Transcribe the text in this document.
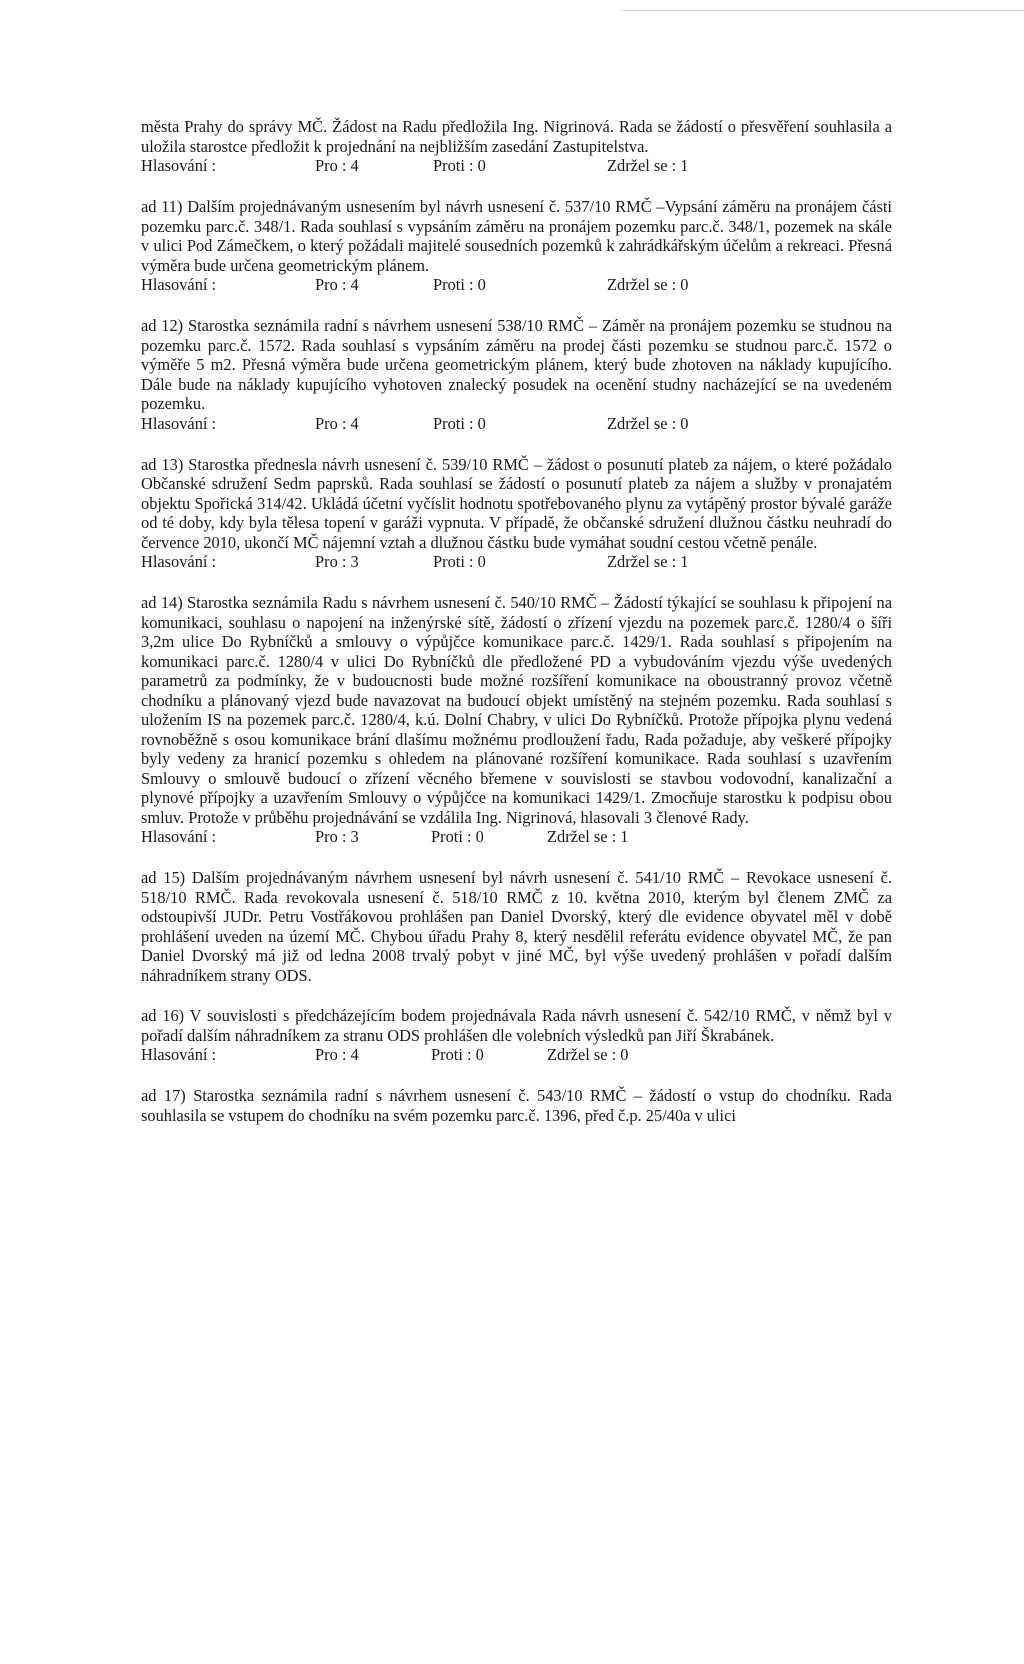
města Prahy do správy MČ. Žádost na Radu předložila Ing. Nigrinová. Rada se žádostí o přesvěření souhlasila a uložila starostce předložit k projednání na nejbližším zasedání Zastupitelstva.

Hlasování :	Pro : 4	Proti : 0	Zdržel se : 1

ad 11) Dalším projednávaným usnesením byl návrh usnesení č. 537/10 RMČ –Vypsání záměru na pronájem části pozemku parc.č. 348/1. Rada souhlasí s vypsáním záměru na pronájem pozemku parc.č. 348/1, pozemek na skále v ulici Pod Zámečkem, o který požádali majitelé sousedních pozemků k zahrádkářským účelům a rekreaci. Přesná výměra bude určena geometrickým plánem.

Hlasování :	Pro : 4	Proti : 0	Zdržel se : 0

ad 12) Starostka seznámila radní s návrhem usnesení 538/10 RMČ – Záměr na pronájem pozemku se studnou na pozemku parc.č. 1572. Rada souhlasí s vypsáním záměru na prodej části pozemku se studnou parc.č. 1572 o výměře 5 m2. Přesná výměra bude určena geometrickým plánem, který bude zhotoven na náklady kupujícího. Dále bude na náklady kupujícího vyhotoven znalecký posudek na ocenění studny nacházející se na uvedeném pozemku.

Hlasování :	Pro : 4	Proti : 0	Zdržel se : 0

ad 13) Starostka přednesla návrh usnesení č. 539/10 RMČ – žádost o posunutí plateb za nájem, o které požádalo Občanské sdružení Sedm paprsků. Rada souhlasí se žádostí o posunutí plateb za nájem a služby v pronajatém objektu Spořická 314/42. Ukládá účetní vyčíslit hodnotu spotřebovaného plynu za vytápěný prostor bývalé garáže od té doby, kdy byla tělesa topení v garáži vypnuta. V případě, že občanské sdružení dlužnou částku neuhradí do července 2010, ukončí MČ nájemní vztah a dlužnou částku bude vymáhat soudní cestou včetně penále.

Hlasování :	Pro : 3	Proti : 0	Zdržel se : 1

ad 14) Starostka seznámila Radu s návrhem usnesení č. 540/10 RMČ – Žádostí týkající se souhlasu k připojení na komunikaci, souhlasu o napojení na inženýrské sítě, žádostí o zřízení vjezdu na pozemek parc.č. 1280/4 o šíři 3,2m ulice Do Rybníčků a smlouvy o výpůjčce komunikace parc.č. 1429/1. Rada souhlasí s připojením na komunikaci parc.č. 1280/4 v ulici Do Rybníčků dle předložené PD a vybudováním vjezdu výše uvedených parametrů za podmínky, že v budoucnosti bude možné rozšíření komunikace na oboustranný provoz včetně chodníku a plánovaný vjezd bude navazovat na budoucí objekt umístěný na stejném pozemku. Rada souhlasí s uložením IS na pozemek parc.č. 1280/4, k.ú. Dolní Chabry, v ulici Do Rybníčků. Protože přípojka plynu vedená rovnoběžně s osou komunikace brání dlašímu možnému prodloužení řadu, Rada požaduje, aby veškeré přípojky byly vedeny za hranicí pozemku s ohledem na plánované rozšíření komunikace. Rada souhlasí s uzavřením Smlouvy o smlouvě budoucí o zřízení věcného břemene v souvislosti se stavbou vodovodní, kanalizační a plynové přípojky a uzavřením Smlouvy o výpůjčce na komunikaci 1429/1. Zmocňuje starostku k podpisu obou smluv. Protože v průběhu projednávání se vzdálila Ing. Nigrinová, hlasovali 3 členové Rady.

Hlasování :	Pro : 3	Proti : 0	Zdržel se : 1

ad 15) Dalším projednávaným návrhem usnesení byl návrh usnesení č. 541/10 RMČ – Revokace usnesení č. 518/10 RMČ. Rada revokovala usnesení č. 518/10 RMČ z 10. května 2010, kterým byl členem ZMČ za odstoupivší JUDr. Petru Vostřákovou prohlášen pan Daniel Dvorský, který dle evidence obyvatel měl v době prohlášení uveden na území MČ. Chybou úřadu Prahy 8, který nesdělil referátu evidence obyvatel MČ, že pan Daniel Dvorský má již od ledna 2008 trvalý pobyt v jiné MČ, byl výše uvedený prohlášen v pořadí dalším náhradníkem strany ODS.

ad 16) V souvislosti s předcházejícím bodem projednávala Rada návrh usnesení č. 542/10 RMČ, v němž byl v pořadí dalším náhradníkem za stranu ODS prohlášen dle volebních výsledků pan Jiří Škrabánek.

Hlasování :	Pro : 4	Proti : 0	Zdržel se : 0

ad 17) Starostka seznámila radní s návrhem usnesení č. 543/10 RMČ – žádostí o vstup do chodníku. Rada souhlasila se vstupem do chodníku na svém pozemku parc.č. 1396, před č.p. 25/40a v ulici
